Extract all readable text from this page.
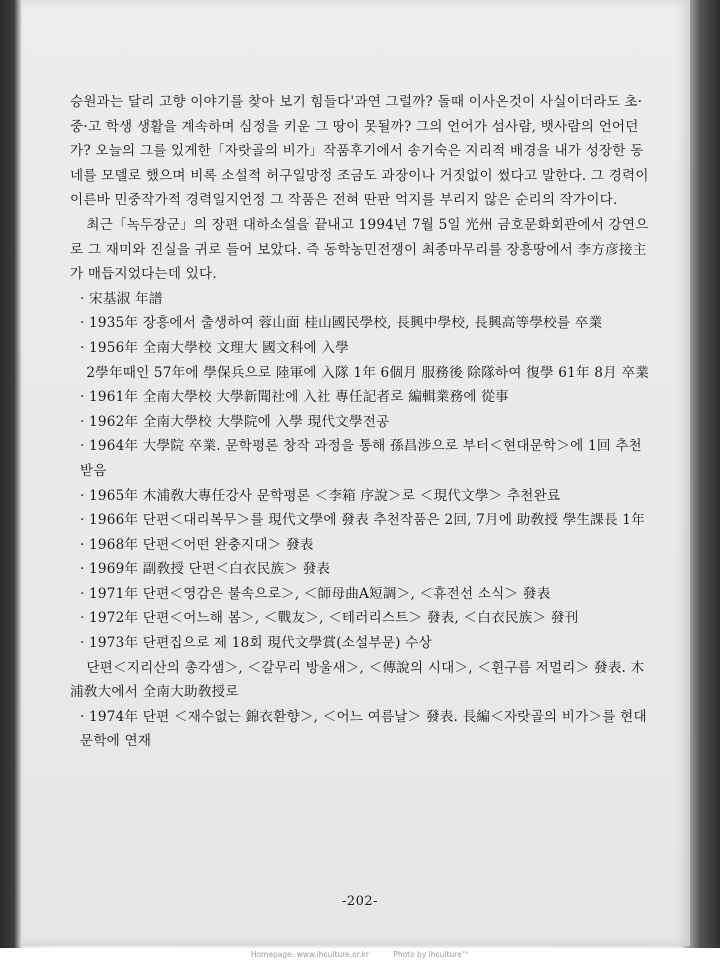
승원과는 달리 고향 이야기를 찾아 보기 힘들다'과연 그럴까? 돌때 이사온것이 사실이더라도 초·중·고 학생 생활을 계속하며 심정을 키운 그 땅이 못될까? 그의 언어가 섬사람, 뱃사람의 언어던가? 오늘의 그를 있게한「자랏골의 비가」작품후기에서 송기숙은 지리적 배경을 내가 성장한 동네를 모델로 했으며 비록 소설적 허구일망정 조금도 과장이나 거짓없이 썼다고 말한다. 그 경력이 이른바 민중작가적 경력일지언정 그 작품은 전혀 딴판 억지를 부리지 않은 순리의 작가이다.

최근「녹두장군」의 장편 대하소설을 끝내고 1994년 7월 5일 光州 금호문화회관에서 강연으로 그 재미와 진실을 귀로 들어 보았다. 즉 동학농민전쟁이 최종마무리를 장흥땅에서 李方彦接主가 매듭지었다는데 있다.

· 宋基淑 年譜

· 1935年 장흥에서 출생하여 蓉山面 桂山國民學校, 長興中學校, 長興高等學校를 卒業

· 1956年 全南大學校 文理大 國文科에 入學

2學年때인 57年에 學保兵으로 陸軍에 入隊 1年 6個月 服務後 除隊하여 復學 61年 8月 卒業

· 1961年 全南大學校 大學新聞社에 入社 專任記者로 編輯業務에 從事

· 1962年 全南大學校 大學院에 入學 現代文學전공

· 1964年 大學院 卒業. 문학평론 창작 과정을 통해 孫昌涉으로 부터＜현대문학＞에 1回 추천 받음

· 1965年 木浦敎大專任강사 문학평론 ＜李箱 序說＞로 ＜現代文學＞ 추천완료

· 1966年 단편＜대리복무＞를 現代文學에 發表 추천작품은 2回, 7月에 助敎授 學生課長 1年

· 1968年 단편＜어떤 완충지대＞ 發表

· 1969年 副敎授 단편＜白衣民族＞ 發表

· 1971年 단편＜영감은 불속으로＞, ＜師母曲A短調＞, ＜휴전선 소식＞ 發表

· 1972年 단편＜어느해 봄＞, ＜戰友＞, ＜테러리스트＞ 發表, ＜白衣民族＞ 發刊

· 1973年 단편집으로 제 18회 現代文學賞(소설부문) 수상

단편＜지리산의 총각샘＞, ＜갈무리 방울새＞, ＜傳說의 시대＞, ＜휜구름 저멀리＞ 發表. 木浦敎大에서 全南大助敎授로

· 1974年 단편 ＜재수없는 錦衣환향＞, ＜어느 여름날＞ 發表. 長編＜자랏골의 비가＞를 현대문학에 연재

-202-
Homepage: www.ihculture.or.kr	Photo by ihculture™
